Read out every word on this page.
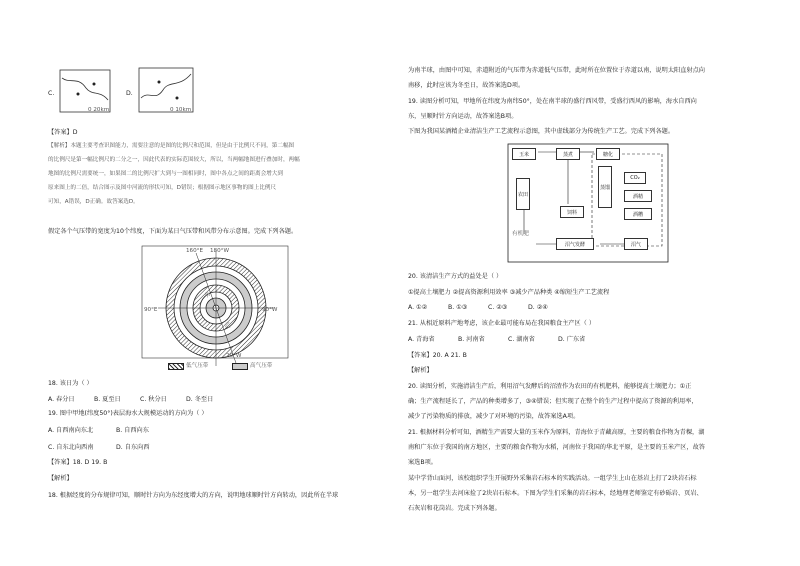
C.
0 20km
D.
0 10km
【答案】D
【解析】本题主要考查识图能力，需要注意的是图的比例尺和范围，但是由于比例尺不同，第二幅图
的比例尺是第一幅比例尺的二分之一，因此代表的实际范围较大，所以，当两幅地图进行叠加时，两幅
地图的比例尺需要统一，如果图二的比例尺扩大到与一图相同时，图中各点之间的距离会增大到
原来图上的二倍，结合图示及图中河流的形状可知，D错误；根据图示地区事物的图上比例尺
可知，A错误，D正确。故答案选D。
假定各个气压带的宽度为10个纬度，下面为某日气压带和风带分布示意图。完成下列各题。
160°E 180°W
90°E	90°W
20°W
甲
乙
低气压带	高气压带
18. 该日为（ ）
A. 春分日	B. 夏至日	C. 秋分日	D. 冬至日
19. 图中甲地(纬度50°)表层海水大规模运动的方向为（ ）
A. 自西南向东北	B. 自西向东
C. 自东北向西南	D. 自东向西
【答案】18. D 19. B
【解析】
18. 根据经度的分布规律可知，顺时针方向为东经度增大的方向，说明地球顺时针方向转动，因此所在半球
为南半球，由图中可知，赤道附近的气压带为赤道低气压带，此时所在位置位于赤道以南，说明太阳直射点向
南移，此时应该为冬至日，故答案选D项。
19. 读图分析可知，甲地所在纬度为南纬50°，处在南半球的盛行西风带，受盛行西风的影响，海水自西向
东，呈顺时针方向运动，故答案选B项。
下图为我国某酒精企业清洁生产工艺流程示意图，其中虚线部分为传统生产工艺。完成下列各题。
玉米	蒸煮	糖化
CO₂
蒸馏
酒精
酒糟
农田
饲料
有机肥
沼气发酵	沼气
20. 该清洁生产方式的益处是（ ）
①提高土壤肥力 ②提高资源利用效率 ③减少产品种类 ④缩短生产工艺流程
A. ①②	B. ①③	C. ②③	D. ②④
21. 从相近原料产地考虑，该企业最可能布局在我国粮食主产区（ ）
A. 青海省	B. 河南省	C. 湖南省	D. 广东省
【答案】20. A 21. B
【解析】
20. 读图分析，实施清洁生产后，利用沼气发酵后的沼渣作为农田的有机肥料，能够提高土壤肥力；①正
确；生产流程延长了，产品的种类增多了，③④错误；但实现了在整个的生产过程中提高了资源的利用率，
减少了污染物质的排放，减少了对环境的污染，故答案选A项。
21. 根据材料分析可知，酒精生产需要大量的玉米作为原料，青海位于青藏高原，主要的粮食作物为青稞，湖
南和广东位于我国的南方地区，主要的粮食作物为水稻，河南位于我国的华北平原，是主要的玉米产区，故答
案选B项。
某中学背山面河，该校组织学生开展野外采集岩石标本的实践活动。一组学生上山在基岩上打了2块岩石标
本，另一组学生去河床捡了2块岩石标本。下图为学生们采集的岩石标本，经地理老师鉴定有砂砾岩、页岩、
石灰岩和花岗岩。完成下列各题。
